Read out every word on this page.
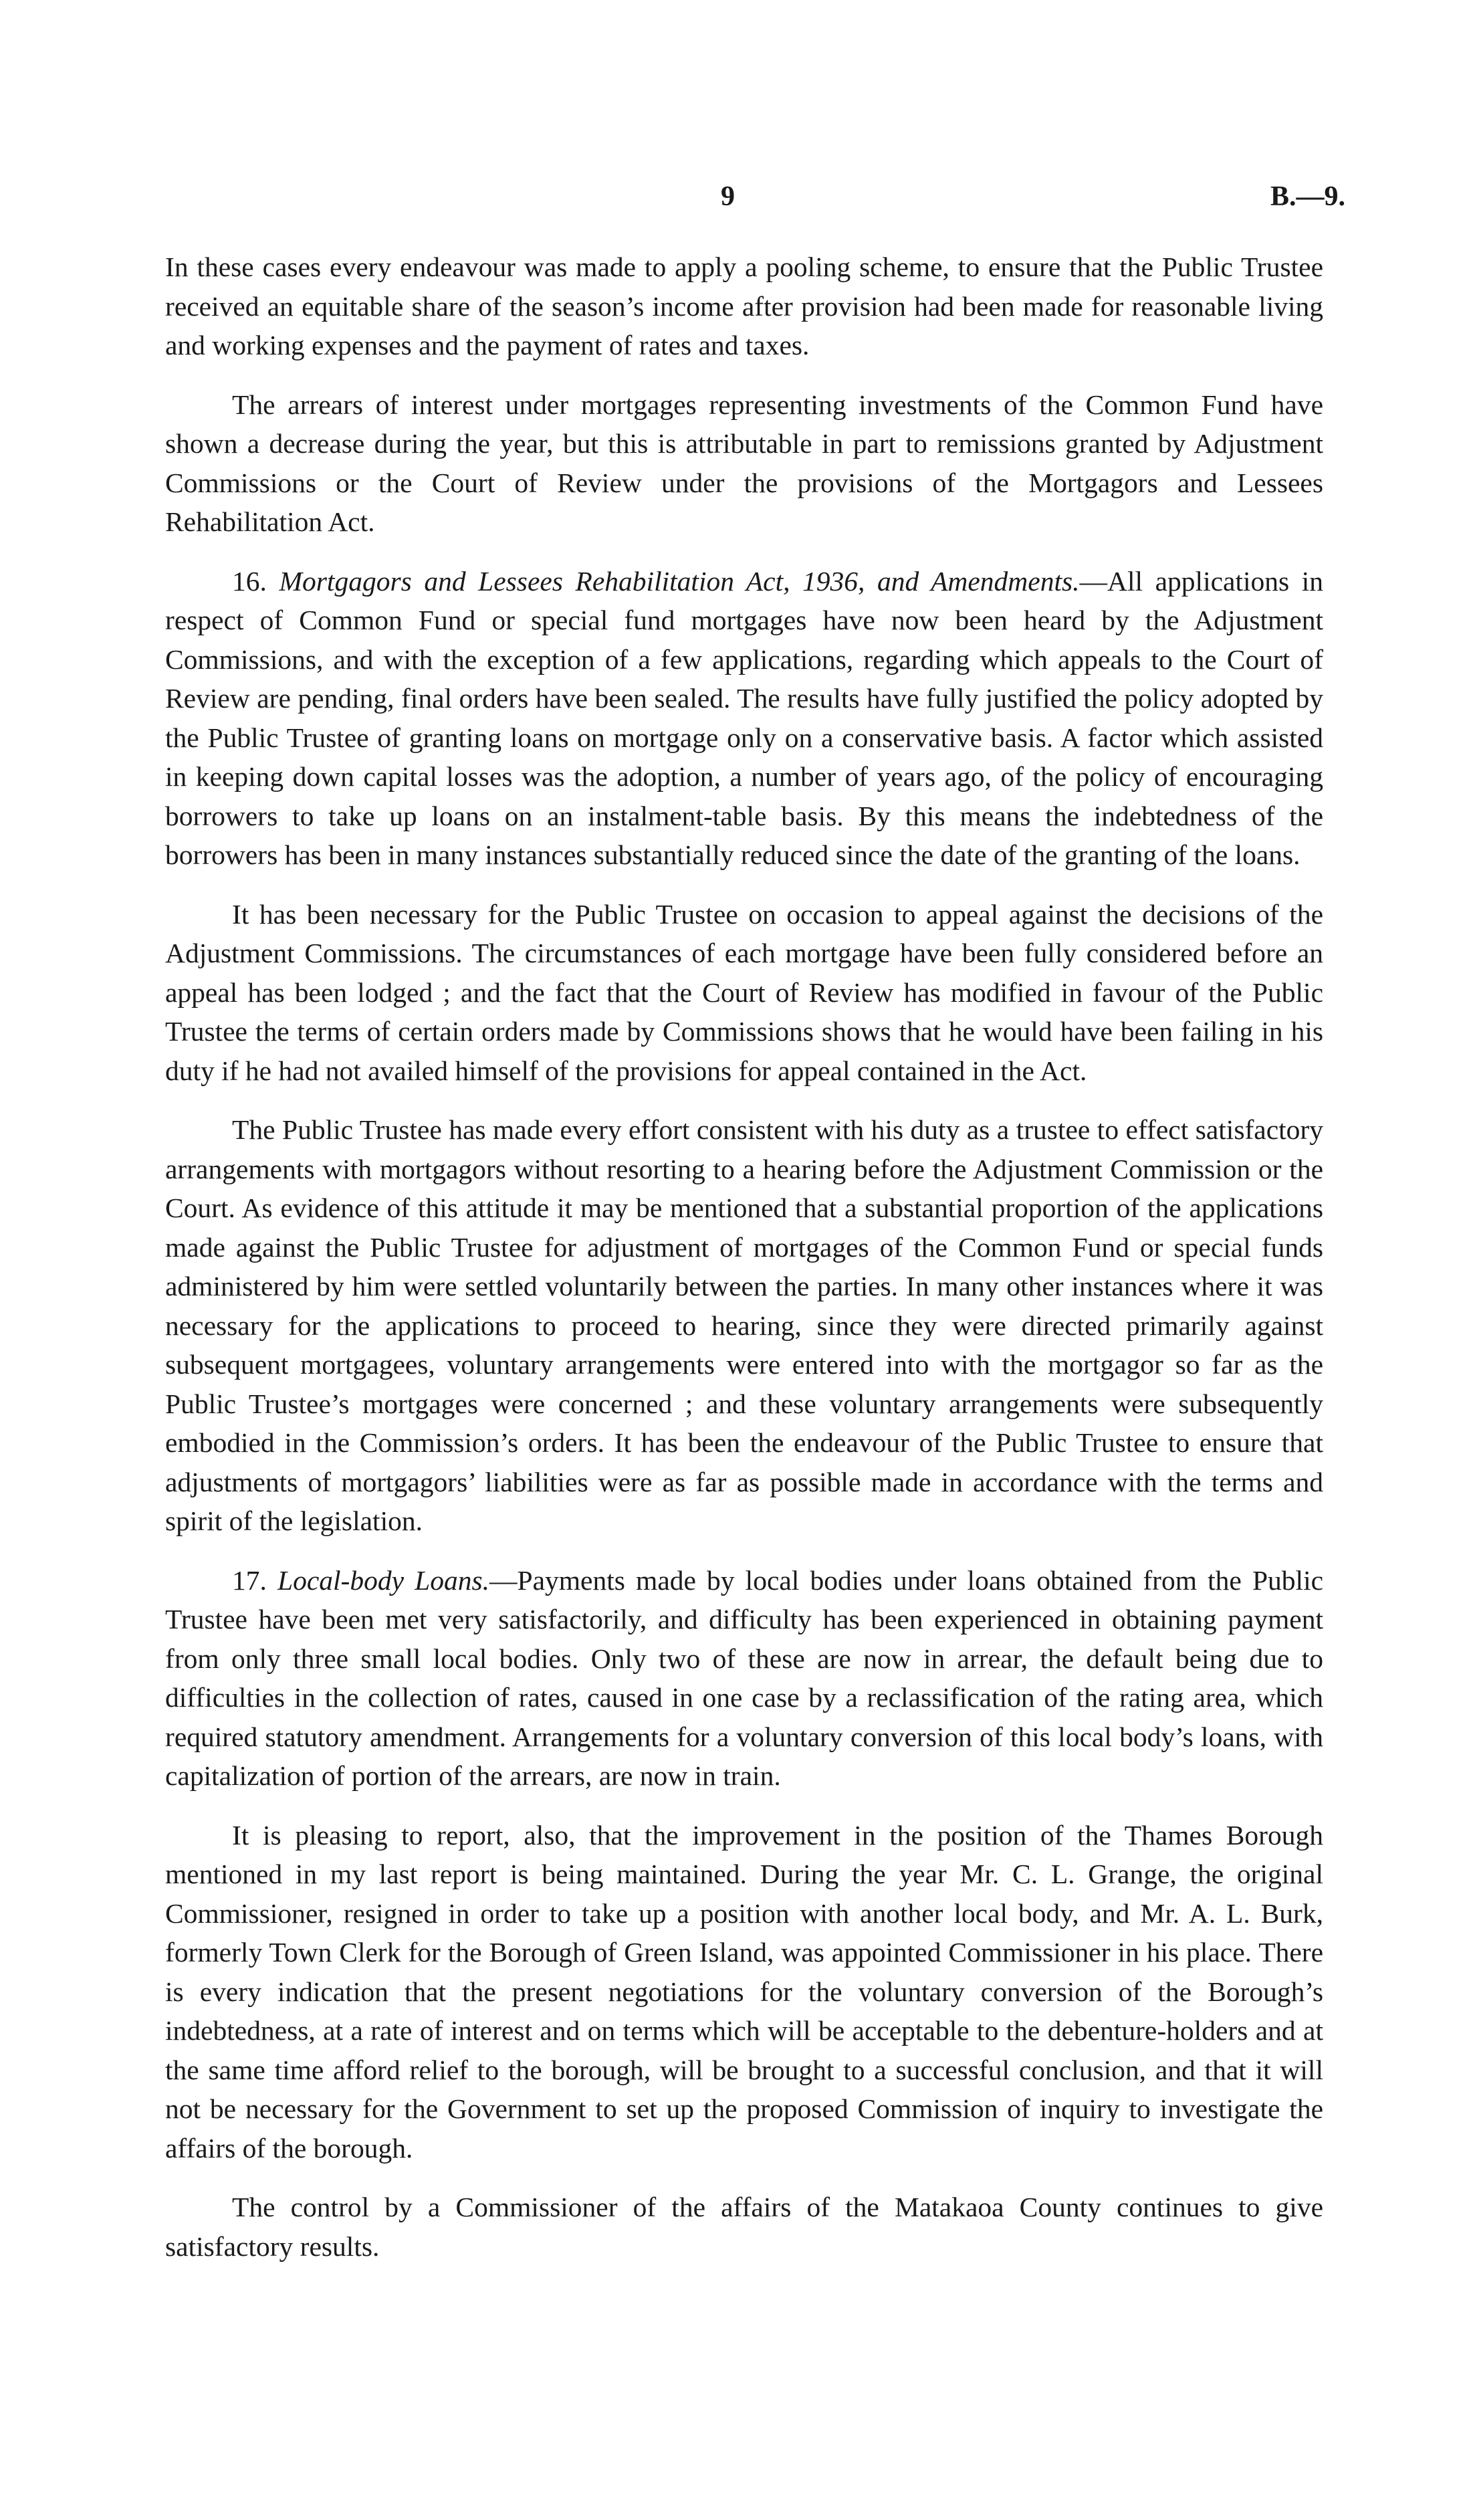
9	B.—9.

In these cases every endeavour was made to apply a pooling scheme, to ensure that the Public Trustee received an equitable share of the season’s income after provision had been made for reasonable living and working expenses and the payment of rates and taxes.

The arrears of interest under mortgages representing investments of the Common Fund have shown a decrease during the year, but this is attributable in part to remissions granted by Adjustment Commissions or the Court of Review under the provisions of the Mortgagors and Lessees Rehabilitation Act.

16. Mortgagors and Lessees Rehabilitation Act, 1936, and Amendments.—All applications in respect of Common Fund or special fund mortgages have now been heard by the Adjustment Commissions, and with the exception of a few applications, regarding which appeals to the Court of Review are pending, final orders have been sealed. The results have fully justified the policy adopted by the Public Trustee of granting loans on mortgage only on a conservative basis. A factor which assisted in keeping down capital losses was the adoption, a number of years ago, of the policy of encouraging borrowers to take up loans on an instalment-table basis. By this means the indebtedness of the borrowers has been in many instances substantially reduced since the date of the granting of the loans.

It has been necessary for the Public Trustee on occasion to appeal against the decisions of the Adjustment Commissions. The circumstances of each mortgage have been fully considered before an appeal has been lodged ; and the fact that the Court of Review has modified in favour of the Public Trustee the terms of certain orders made by Commissions shows that he would have been failing in his duty if he had not availed himself of the provisions for appeal contained in the Act.

The Public Trustee has made every effort consistent with his duty as a trustee to effect satisfactory arrangements with mortgagors without resorting to a hearing before the Adjustment Commission or the Court. As evidence of this attitude it may be mentioned that a substantial proportion of the applications made against the Public Trustee for adjustment of mortgages of the Common Fund or special funds administered by him were settled voluntarily between the parties. In many other instances where it was necessary for the applications to proceed to hearing, since they were directed primarily against subsequent mortgagees, voluntary arrangements were entered into with the mortgagor so far as the Public Trustee’s mortgages were concerned ; and these voluntary arrangements were subsequently embodied in the Commission’s orders. It has been the endeavour of the Public Trustee to ensure that adjustments of mortgagors’ liabilities were as far as possible made in accordance with the terms and spirit of the legislation.

17. Local-body Loans.—Payments made by local bodies under loans obtained from the Public Trustee have been met very satisfactorily, and difficulty has been experienced in obtaining payment from only three small local bodies. Only two of these are now in arrear, the default being due to difficulties in the collection of rates, caused in one case by a reclassification of the rating area, which required statutory amendment. Arrangements for a voluntary conversion of this local body’s loans, with capitalization of portion of the arrears, are now in train.

It is pleasing to report, also, that the improvement in the position of the Thames Borough mentioned in my last report is being maintained. During the year Mr. C. L. Grange, the original Commissioner, resigned in order to take up a position with another local body, and Mr. A. L. Burk, formerly Town Clerk for the Borough of Green Island, was appointed Commissioner in his place. There is every indication that the present negotiations for the voluntary conversion of the Borough’s indebtedness, at a rate of interest and on terms which will be acceptable to the debenture-holders and at the same time afford relief to the borough, will be brought to a successful conclusion, and that it will not be necessary for the Government to set up the proposed Commission of inquiry to investigate the affairs of the borough.

The control by a Commissioner of the affairs of the Matakaoa County continues to give satisfactory results.
